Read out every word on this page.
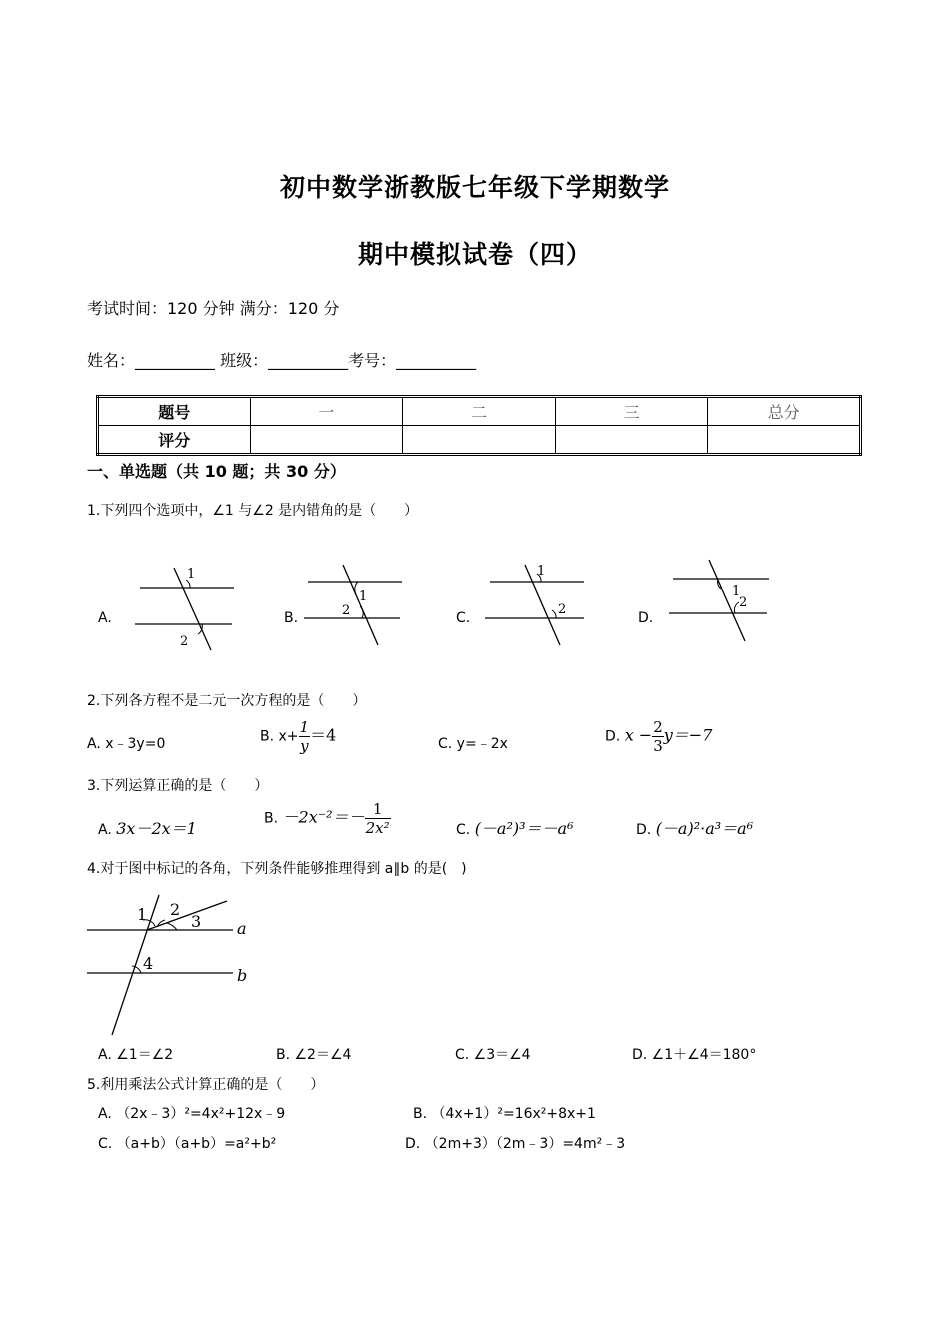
初中数学浙教版七年级下学期数学
期中模拟试卷（四）
考试时间：120 分钟 满分：120 分
姓名：__________ 班级：__________考号：__________
题号	一	二	三	总分
评分				
一、单选题（共 10 题；共 30 分）
1.下列四个选项中，∠1 与∠2 是内错角的是（　　）
A.	B.	C.	D.
1
2
1
2
1
2
1
2
2.下列各方程不是二元一次方程的是（　　）
A. x﹣3y=0	B. $x+ \frac{1}{y} =4$	C. y=﹣2x	D. $x - \frac{2}{3} y=-7$
3.下列运算正确的是（　　）
A. 3x－2x＝1
B. $-2x^{-2}=- \frac{1}{\text{2x²}}$	C. (－a²)³＝－a⁶	D. (－a)²·a³＝a⁶
4.对于图中标记的各角，下列条件能够推理得到 a∥b 的是(　)
1 2
3
4
a
b
A. ∠1＝∠2	B. ∠2＝∠4	C. ∠3＝∠4	D. ∠1＋∠4＝180°
5.利用乘法公式计算正确的是（　　）
A. （2x﹣3）²=4x²+12x﹣9	B. （4x+1）²=16x²+8x+1
C. （a+b）（a+b）=a²+b²	D. （2m+3）（2m﹣3）=4m²﹣3
